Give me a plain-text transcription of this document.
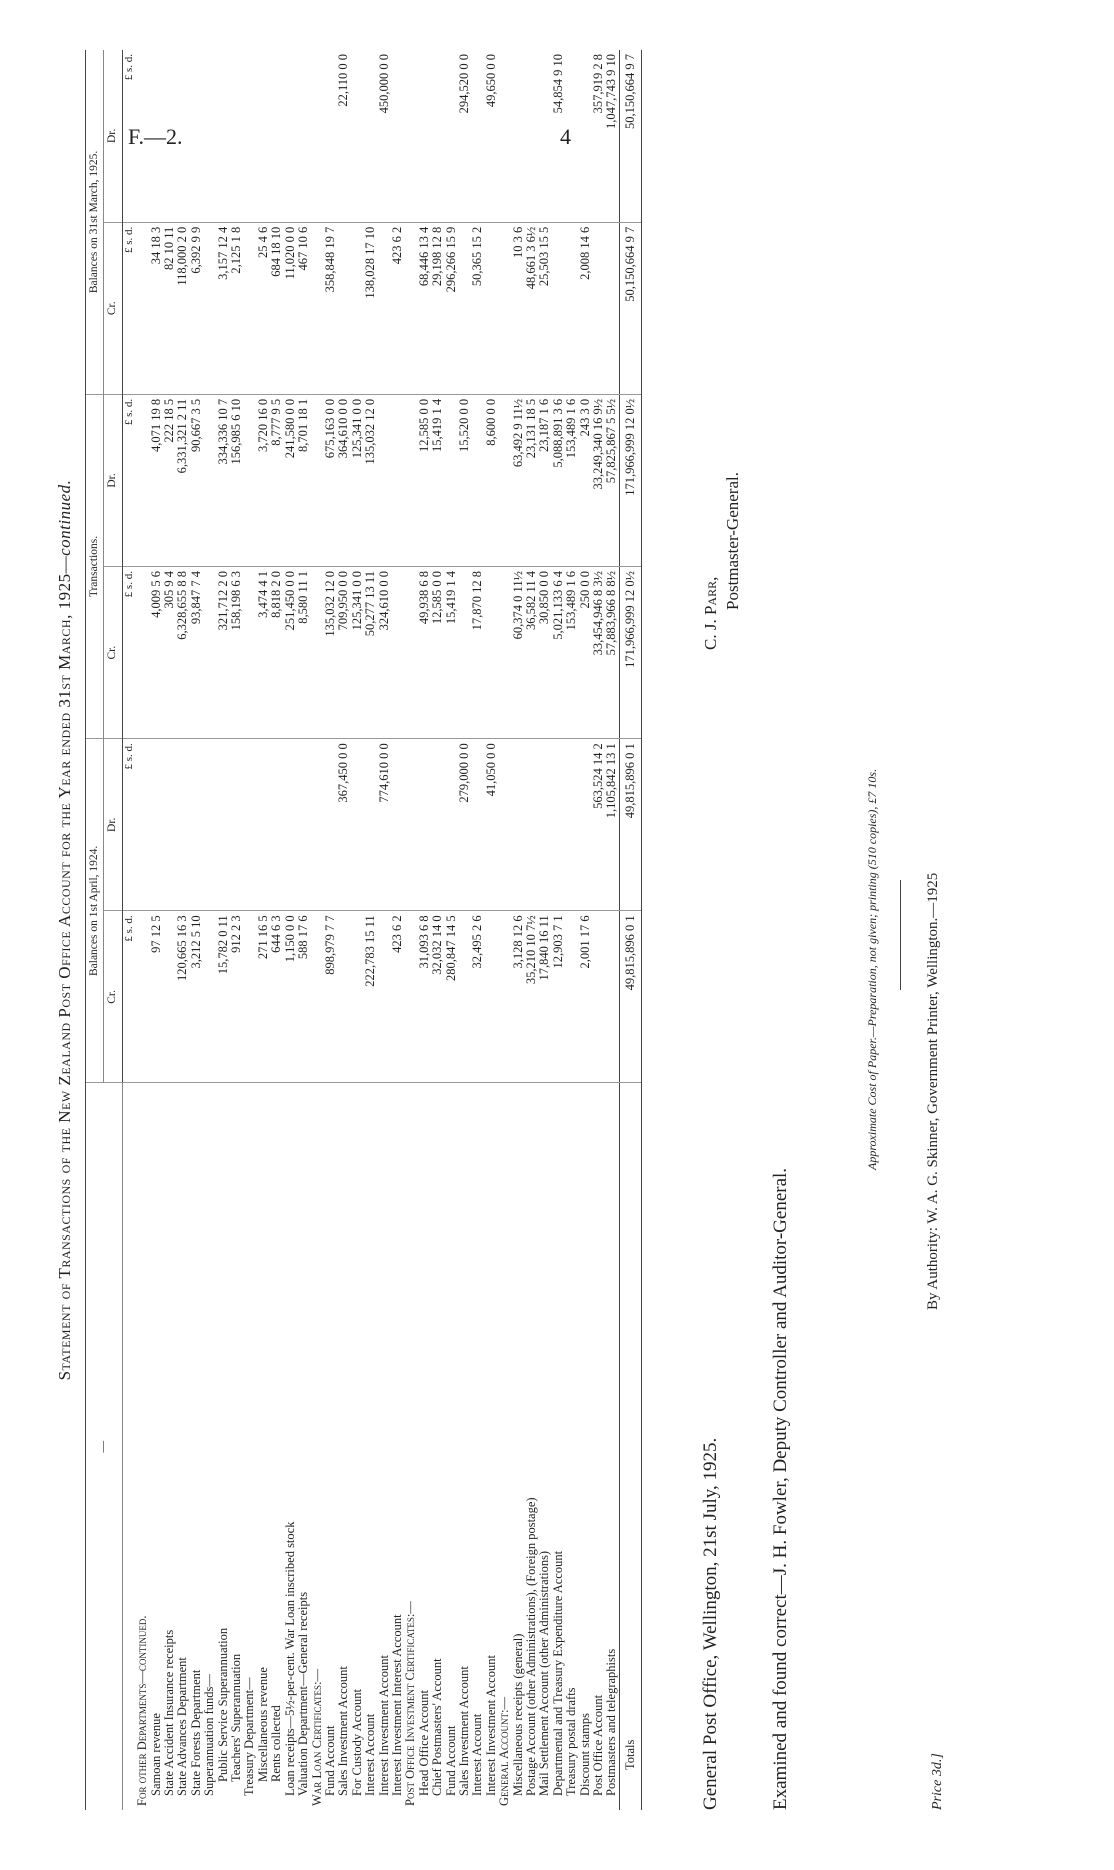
F.—2.	4
Statement of Transactions of the New Zealand Post Office Account for the Year ended 31st March, 1925—continued.
—	Balances on 1st April, 1924.		Transactions.		Balances on 31st March, 1925.	
	Cr.	Dr.	Cr.	Dr.	Cr.	Dr.
	£ s. d.	£ s. d.	£ s. d.	£ s. d.	£ s. d.	£ s. d.
For other Departments—continued.						
Samoan revenue	97 12 5		4,009 5 6	4,071 19 8	34 18 3	
State Accident Insurance receipts			305 9 4	222 18 5	82 10 11	
State Advances Department	120,665 16 3		6,328,655 8 8	6,331,321 2 11	118,000 2 0	
State Forests Department	3,212 5 10		93,847 7 4	90,667 3 5	6,392 9 9	
Superannuation funds—						
Public Service Superannuation	15,782 0 11		321,712 2 0	334,336 10 7	3,157 12 4	
Teachers' Superannuation	912 2 3		158,198 6 3	156,985 6 10	2,125 1 8	
Treasury Department—						
Miscellaneous revenue	271 16 5		3,474 4 1	3,720 16 0	25 4 6	
Rents collected	644 6 3		8,818 2 0	8,777 9 5	684 18 10	
Loan receipts—5½-per-cent. War Loan inscribed stock	1,150 0 0		251,450 0 0	241,580 0 0	11,020 0 0	
Valuation Department—General receipts	588 17 6		8,580 11 1	8,701 18 1	467 10 6	
War Loan Certificates:—						
Fund Account	898,979 7 7		135,032 12 0	675,163 0 0	358,848 19 7	
Sales Investment Account		367,450 0 0	709,950 0 0	364,610 0 0		22,110 0 0
For Custody Account			125,341 0 0	125,341 0 0		
Interest Account	222,783 15 11		50,277 13 11	135,032 12 0	138,028 17 10	
Interest Investment Account		774,610 0 0	324,610 0 0			450,000 0 0
Interest Investment Interest Account	423 6 2				423 6 2	
Post Office Investment Certificates:—						
Head Office Account	31,093 6 8		49,938 6 8	12,585 0 0	68,446 13 4	
Chief Postmasters' Account	32,032 14 0		12,585 0 0	15,419 1 4	29,198 12 8	
Fund Account	280,847 14 5		15,419 1 4		296,266 15 9	
Sales Investment Account		279,000 0 0		15,520 0 0		294,520 0 0
Interest Account	32,495 2 6		17,870 12 8		50,365 15 2	
Interest Investment Account		41,050 0 0		8,600 0 0		49,650 0 0
General Account:—						
Miscellaneous receipts (general)	3,128 12 6		60,374 0 11½	63,492 9 11½	10 3 6	
Postage Account (other Administrations), (Foreign postage)	35,210 10 7½		36,582 11 4	23,131 18 5	48,661 3 6½	
Mail Settlement Account (other Administrations)	17,840 16 11		30,850 0 0	23,187 1 6	25,503 15 5	
Departmental and Treasury Expenditure Account	12,903 7 1		5,021,133 6 4	5,088,891 3 6		54,854 9 10
Treasury postal drafts			153,489 1 6	153,489 1 6		
Discount stamps	2,001 17 6		250 0 0	243 3 0	2,008 14 6	
Post Office Account		563,524 14 2	33,454,946 8 3½	33,249,340 16 9½		357,919 2 8
Postmasters and telegraphists		1,105,842 13 1	57,883,966 8 8½	57,825,867 5 5½		1,047,743 9 10
Totals	49,815,896 0 1	49,815,896 0 1	171,966,999 12 0½	171,966,999 12 0½	50,150,664 9 7	50,150,664 9 7
General Post Office, Wellington, 21st July, 1925.
C. J. Parr,
Postmaster-General.
Examined and found correct—J. H. Fowler, Deputy Controller and Auditor-General.
Approximate Cost of Paper.—Preparation, not given; printing (510 copies), £7 10s.	By Authority: W. A. G. Skinner, Government Printer, Wellington.—1925
Price 3d.]
